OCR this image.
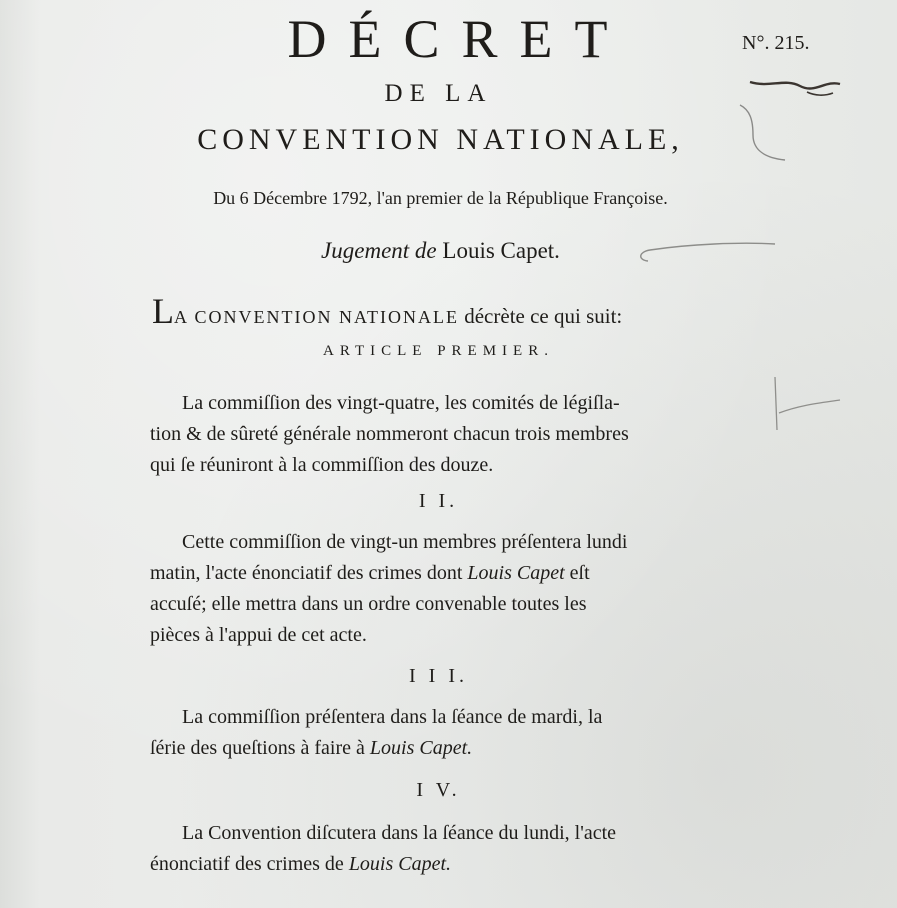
DÉCRET	N°. 215.
DE LA
CONVENTION NATIONALE,
Du 6 Décembre 1792, l'an premier de la République Françoise.
Jugement de Louis Capet.
LA CONVENTION NATIONALE décrète ce qui suit:
ARTICLE PREMIER.
La commiſſion des vingt-quatre, les comités de légiſla-
tion & de sûreté générale nommeront chacun trois membres
qui ſe réuniront à la commiſſion des douze.
I I.
Cette commiſſion de vingt-un membres préſentera lundi
matin, l'acte énonciatif des crimes dont Louis Capet eſt
accuſé; elle mettra dans un ordre convenable toutes les
pièces à l'appui de cet acte.
I I I.
La commiſſion préſentera dans la ſéance de mardi, la
ſérie des queſtions à faire à Louis Capet.
I V.
La Convention diſcutera dans la ſéance du lundi, l'acte
énonciatif des crimes de Louis Capet.
